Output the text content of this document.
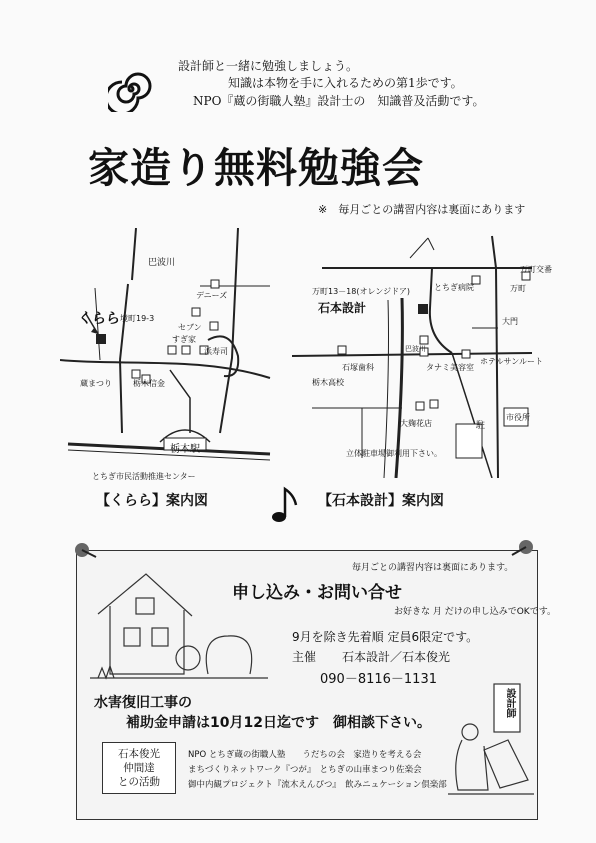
設計師と一緒に勉強しましょう。

知識は本物を手に入れるための第1歩です。

NPO『蔵の街職人塾』設計士の　知識普及活動です。

家造り無料勉強会
※　毎月ごとの講習内容は裏面にあります
巴波川
くらら 境町19-3
デニーズ
セブン
すぎ家
浜寿司
蔵まつり	栃木信金
栃木駅
とちぎ市民活動推進センター
【くらら】案内図
万町13－18(オレンジドア)
石本設計
とちぎ病院
万町交番
万町
大門
ホテルサンルート
石塚歯科
栃木高校
タナミ美容室
大麹花店	駐
市役所
立体駐車場御利用下さい。
巴波川
【石本設計】案内図
毎月ごとの講習内容は裏面にあります。
申し込み・お問い合せ
お好きな 月 だけの申し込みでOKです。
9月を除き先着順 定員6限定です。
主催 石本設計／石本俊光
090－8116－1131
水害復旧工事の
補助金申請は10月12日迄です　御相談下さい。
石本俊光
仲間達
との活動
NPO とちぎ蔵の街職人塾　　うだちの会　家造りを考える会
まちづくりネットワーク『つが』　とちぎの山車まつり佐楽会
御中内観プロジェクト『流木えんぴつ』　飲みニュケーション倶楽部
設計師
